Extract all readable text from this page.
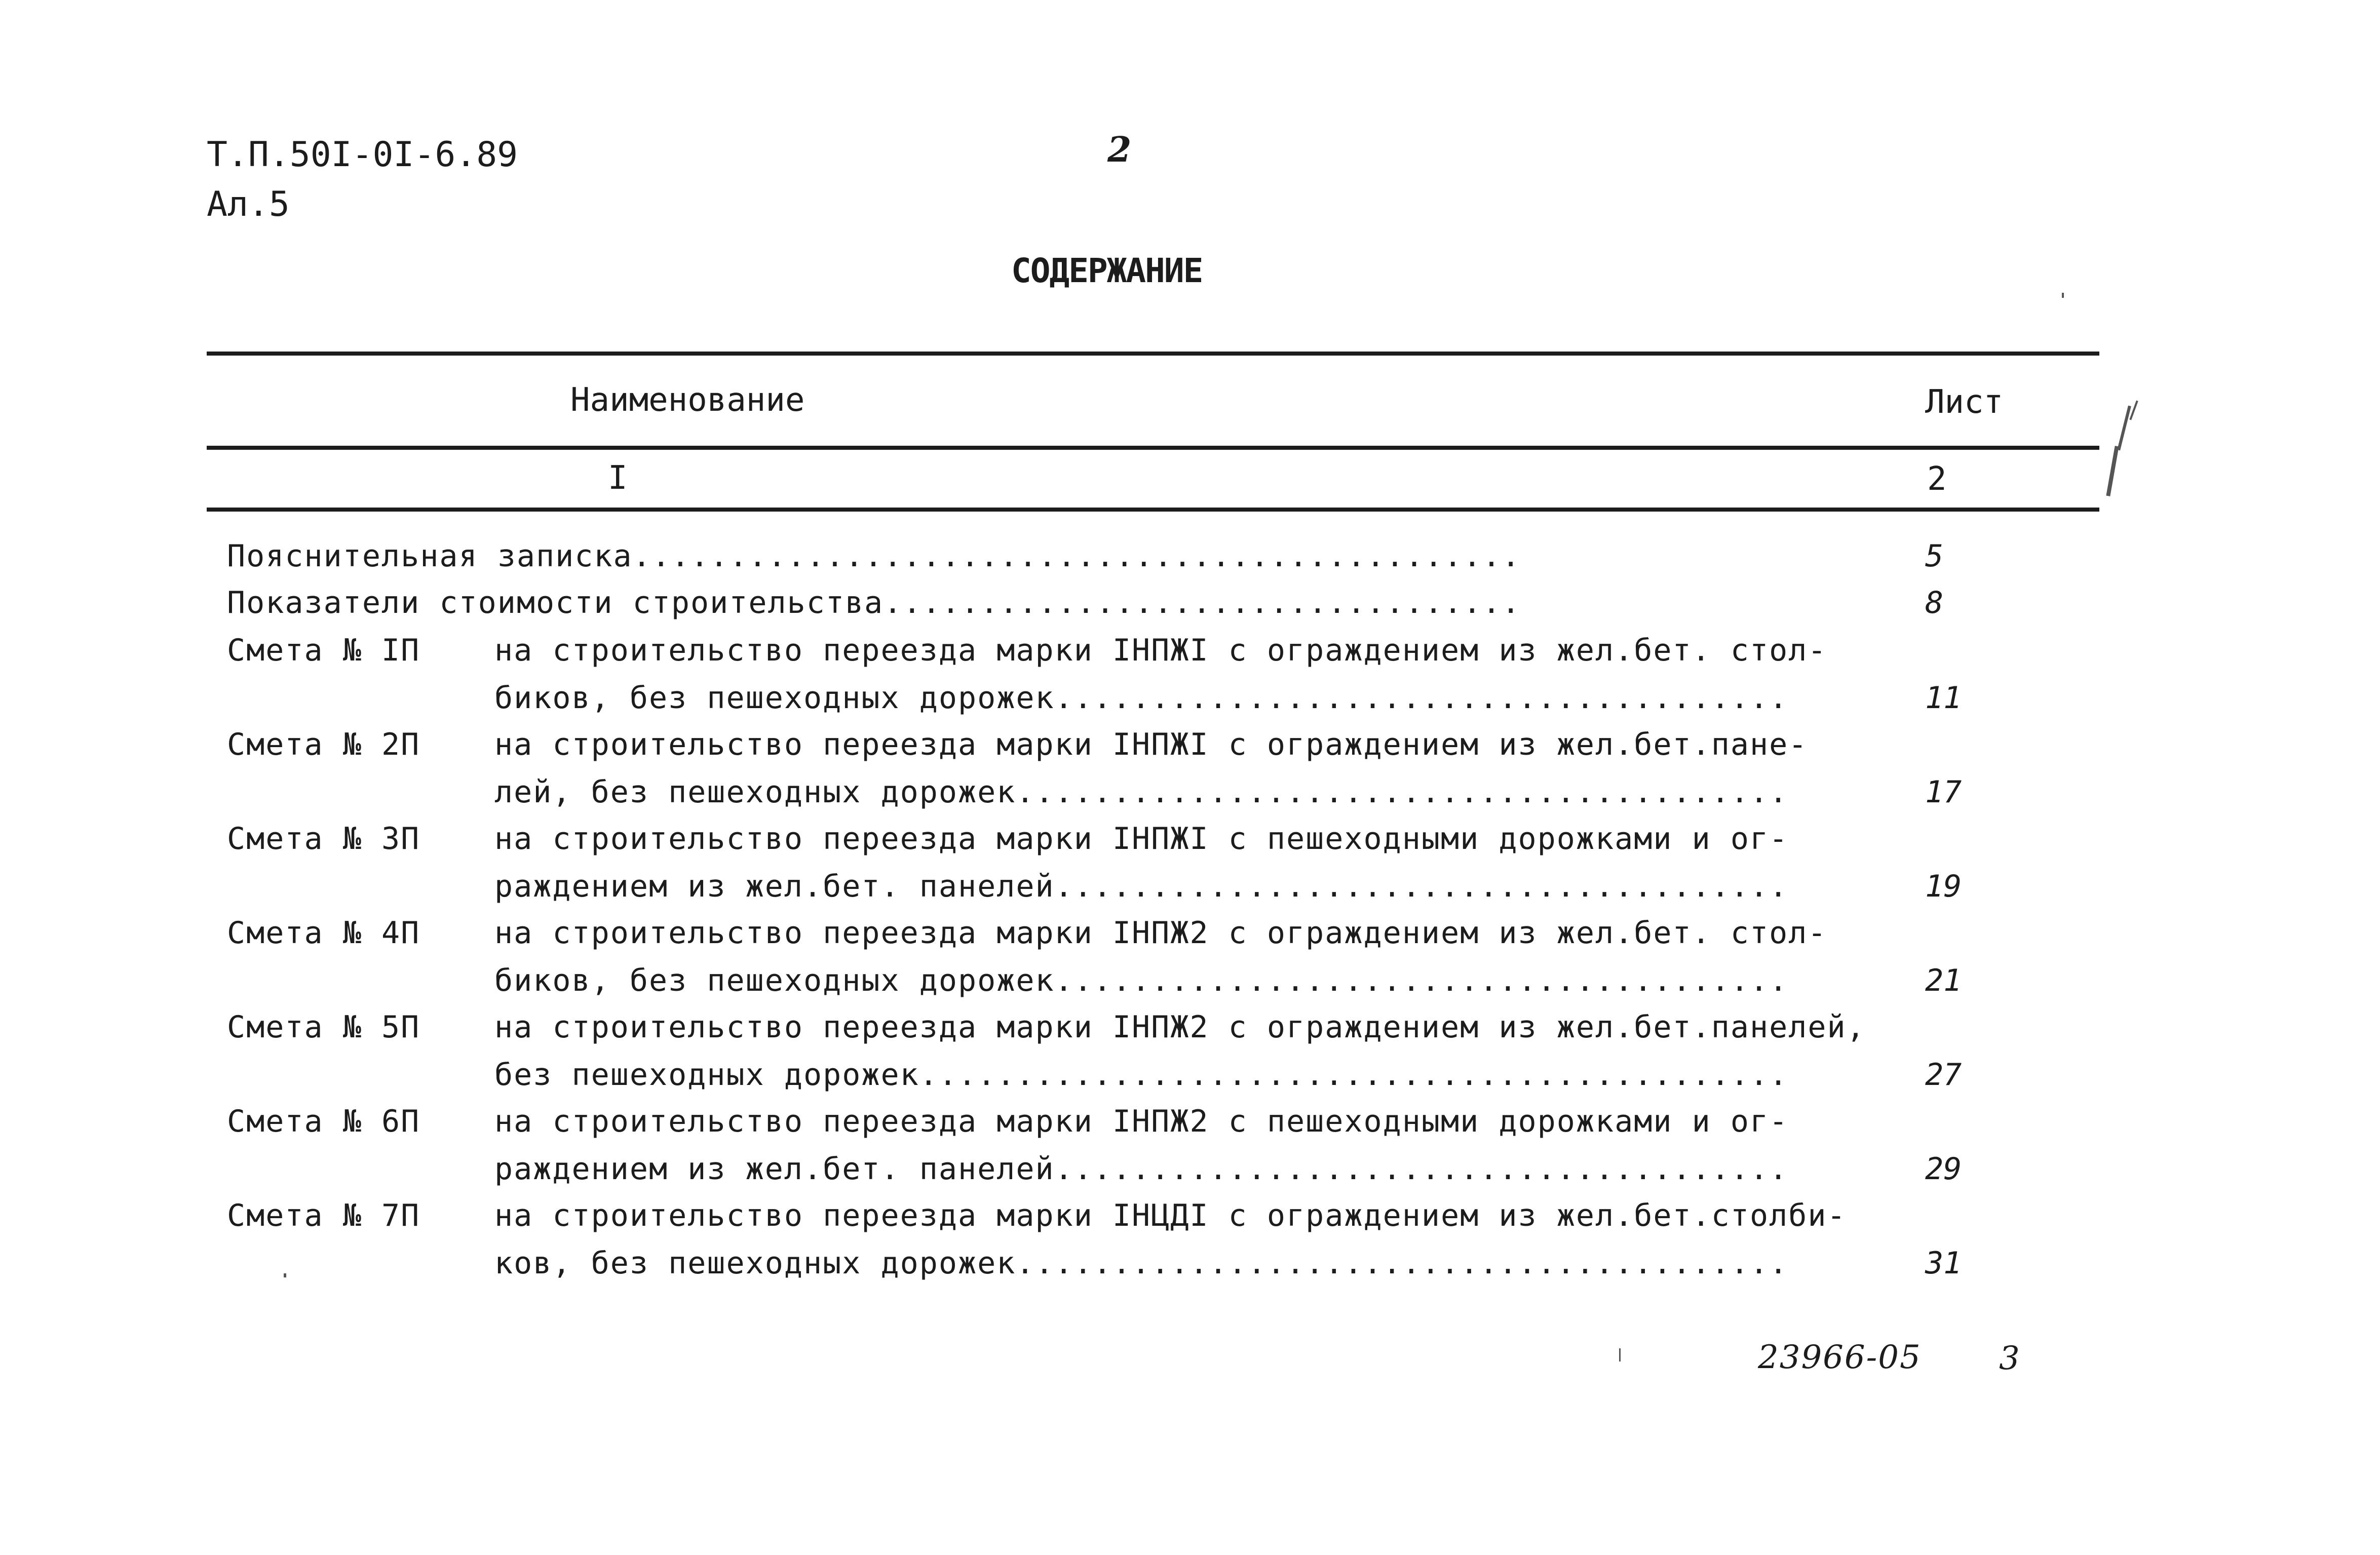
Т.П.50I-0I-6.89
Ал.5
2
СОДЕРЖАНИЕ
Наименование	Лист
I	2
Пояснительная записка..............................................	5
Показатели стоимости строительства.................................	8
Смета № IП на строительство переезда марки IНПЖI с ограждением из жел.бет. стол-
биков, без пешеходных дорожек......................................	11
Смета № 2П на строительство переезда марки IНПЖI с ограждением из жел.бет.пане-
лей, без пешеходных дорожек........................................	17
Смета № 3П на строительство переезда марки IНПЖI с пешеходными дорожками и ог-
раждением из жел.бет. панелей......................................	19
Смета № 4П на строительство переезда марки IНПЖ2 с ограждением из жел.бет. стол-
биков, без пешеходных дорожек......................................	21
Смета № 5П на строительство переезда марки IНПЖ2 с ограждением из жел.бет.панелей,
без пешеходных дорожек.............................................	27
Смета № 6П на строительство переезда марки IНПЖ2 с пешеходными дорожками и ог-
раждением из жел.бет. панелей......................................	29
Смета № 7П на строительство переезда марки IНЦДI с ограждением из жел.бет.столби-
ков, без пешеходных дорожек........................................	31
23966-05 3
